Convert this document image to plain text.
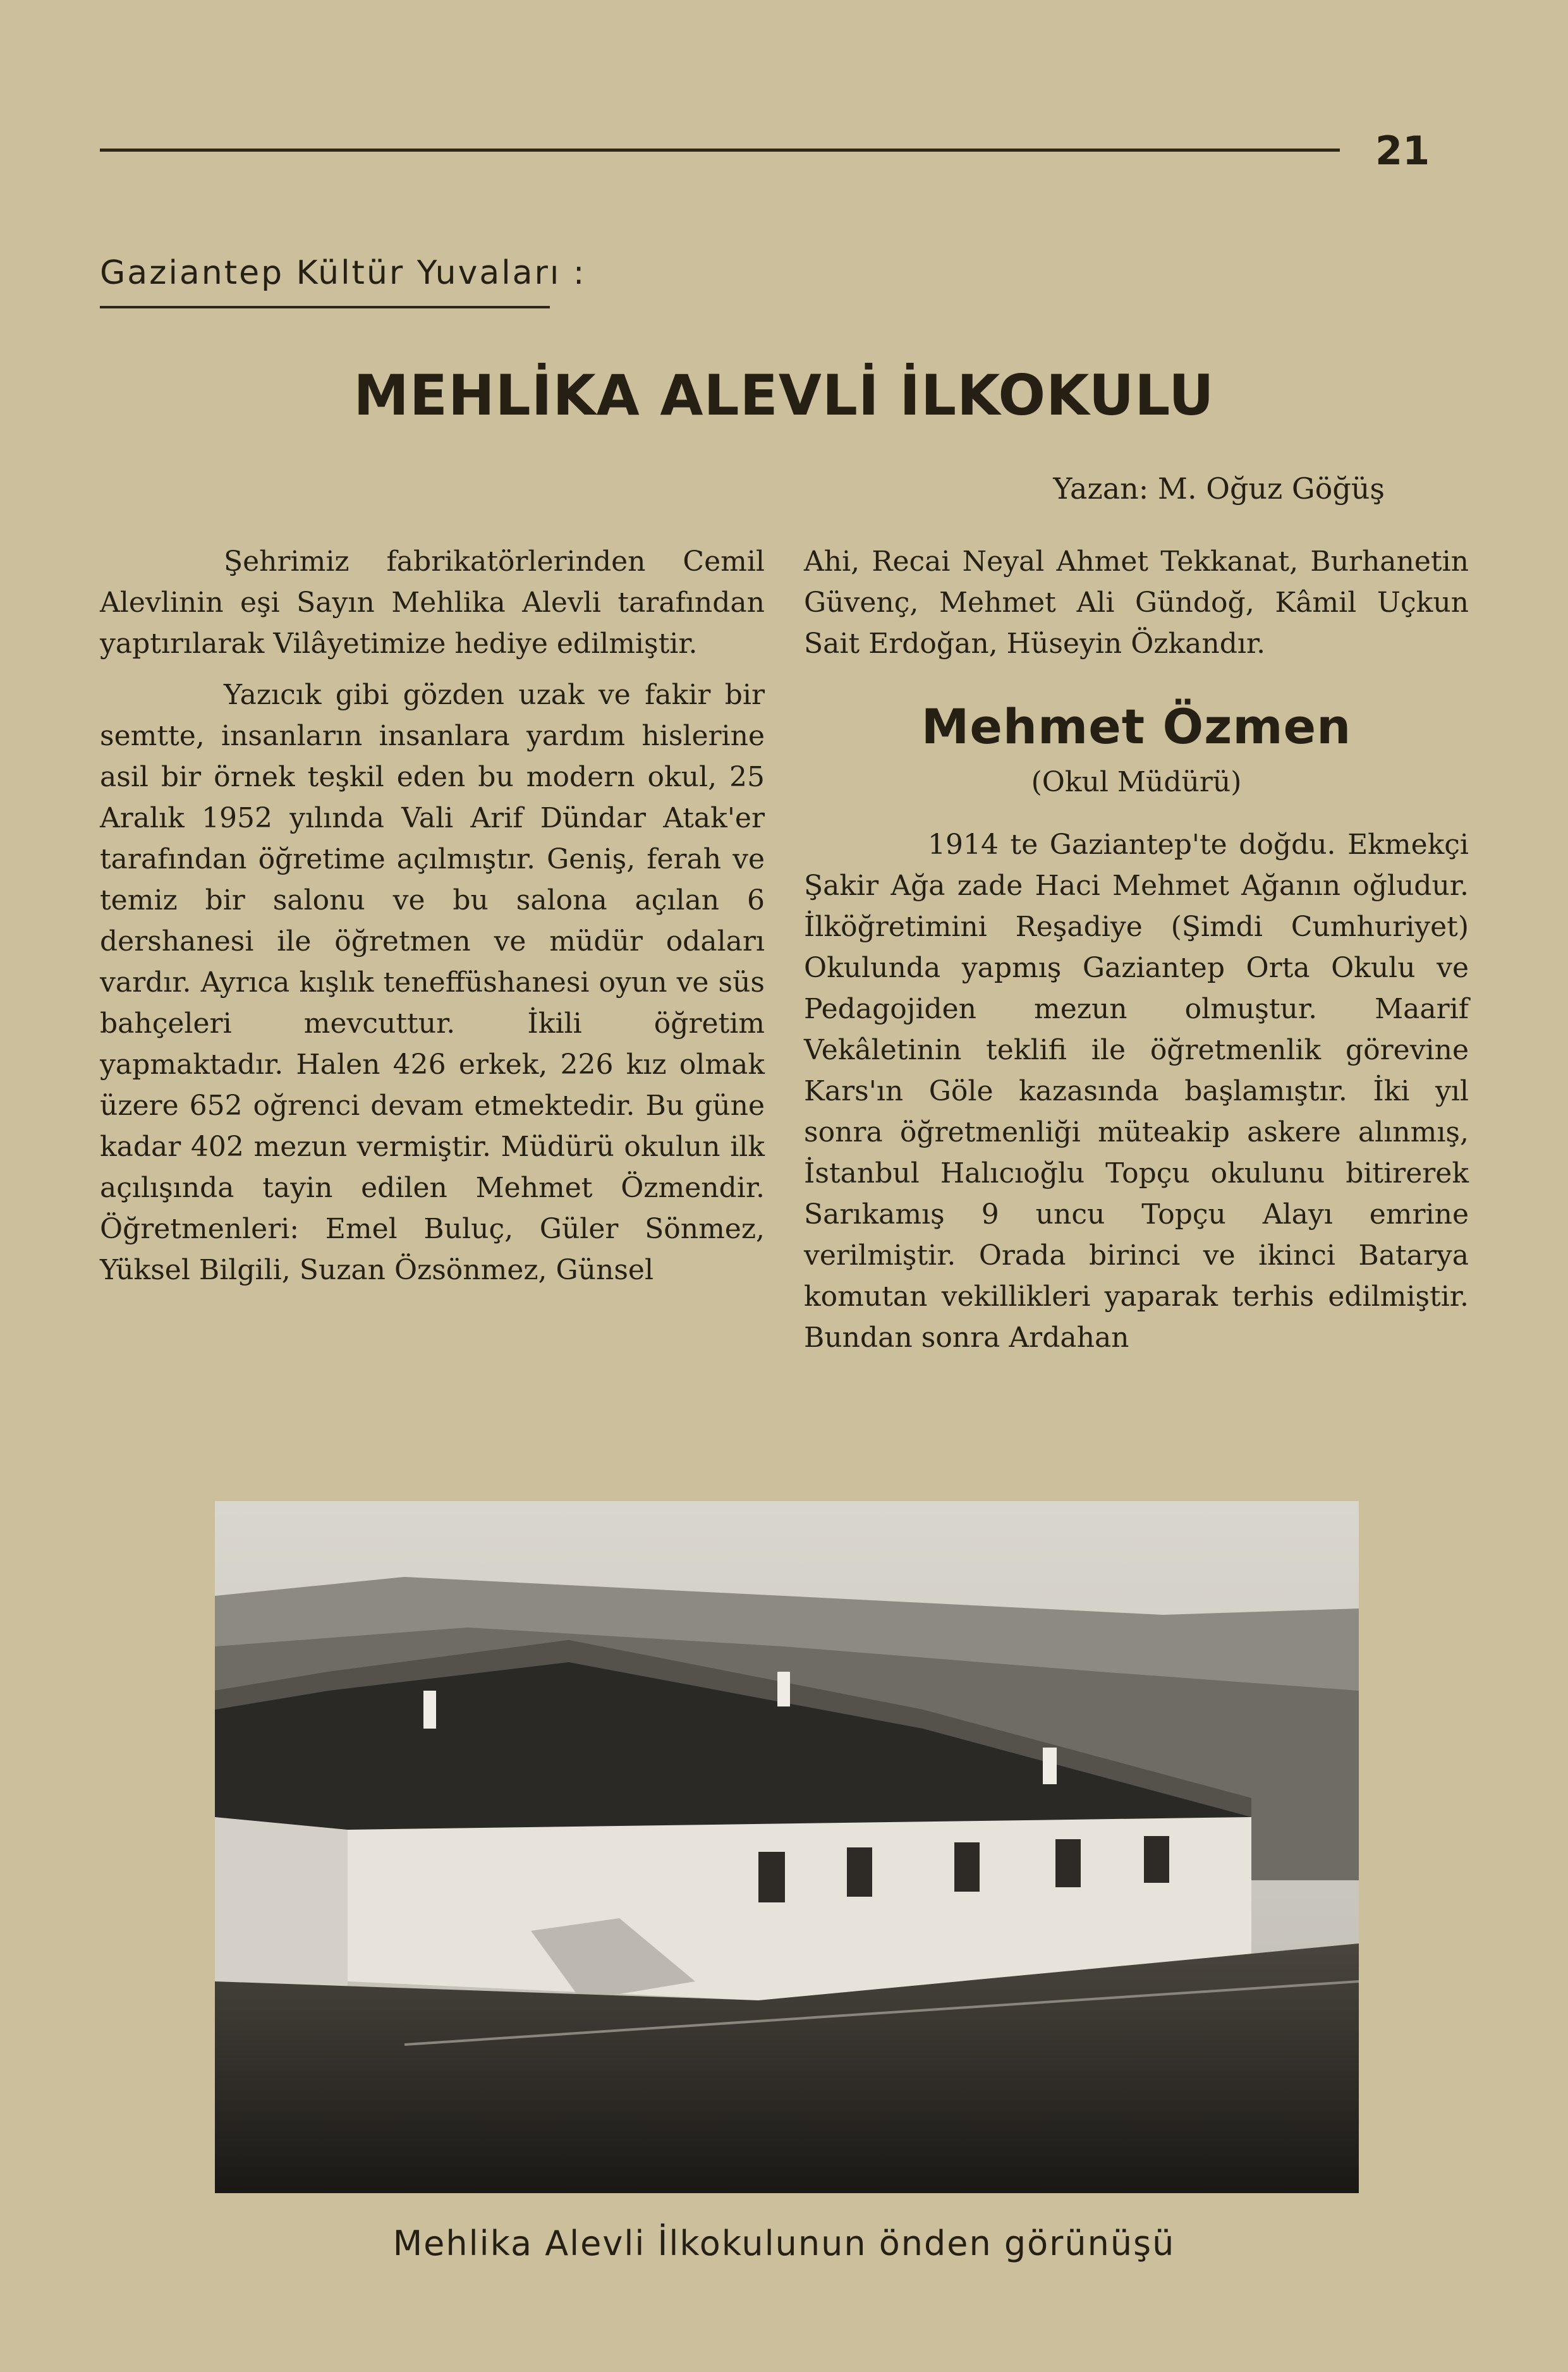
21
Gaziantep Kültür Yuvaları :
MEHLİKA ALEVLİ İLKOKULU
Yazan: M. Oğuz Göğüş

Şehrimiz fabrikatörlerinden Cemil Alevlinin eşi Sayın Mehlika Alevli tarafından yaptırılarak Vilâyetimize hediye edilmiştir.

Yazıcık gibi gözden uzak ve fakir bir semtte, insanların insanlara yardım hislerine asil bir örnek teşkil eden bu modern okul, 25 Aralık 1952 yılında Vali Arif Dündar Atak'er tarafından öğretime açılmıştır. Geniş, ferah ve temiz bir salonu ve bu salona açılan 6 dershanesi ile öğretmen ve müdür odaları vardır. Ayrıca kışlık teneffüshanesi oyun ve süs bahçeleri mevcuttur. İkili öğretim yapmaktadır. Halen 426 erkek, 226 kız olmak üzere 652 oğrenci devam etmektedir. Bu güne kadar 402 mezun vermiştir. Müdürü okulun ilk açılışında tayin edilen Mehmet Özmendir. Öğretmenleri: Emel Buluç, Güler Sönmez, Yüksel Bilgili, Suzan Özsönmez, Günsel

Ahi, Recai Neyal Ahmet Tekkanat, Burhanetin Güvenç, Mehmet Ali Gündoğ, Kâmil Uçkun Sait Erdoğan, Hüseyin Özkandır.

Mehmet Özmen

(Okul Müdürü)

1914 te Gaziantep'te doğdu. Ekmekçi Şakir Ağa zade Haci Mehmet Ağanın oğludur. İlköğretimini Reşadiye (Şimdi Cumhuriyet) Okulunda yapmış Gaziantep Orta Okulu ve Pedagojiden mezun olmuştur. Maarif Vekâletinin teklifi ile öğretmenlik görevine Kars'ın Göle kazasında başlamıştır. İki yıl sonra öğretmenliği müteakip askere alınmış, İstanbul Halıcıoğlu Topçu okulunu bitirerek Sarıkamış 9 uncu Topçu Alayı emrine verilmiştir. Orada birinci ve ikinci Batarya komutan vekillikleri yaparak terhis edilmiştir. Bundan sonra Ardahan

Mehlika Alevli İlkokulunun önden görünüşü
